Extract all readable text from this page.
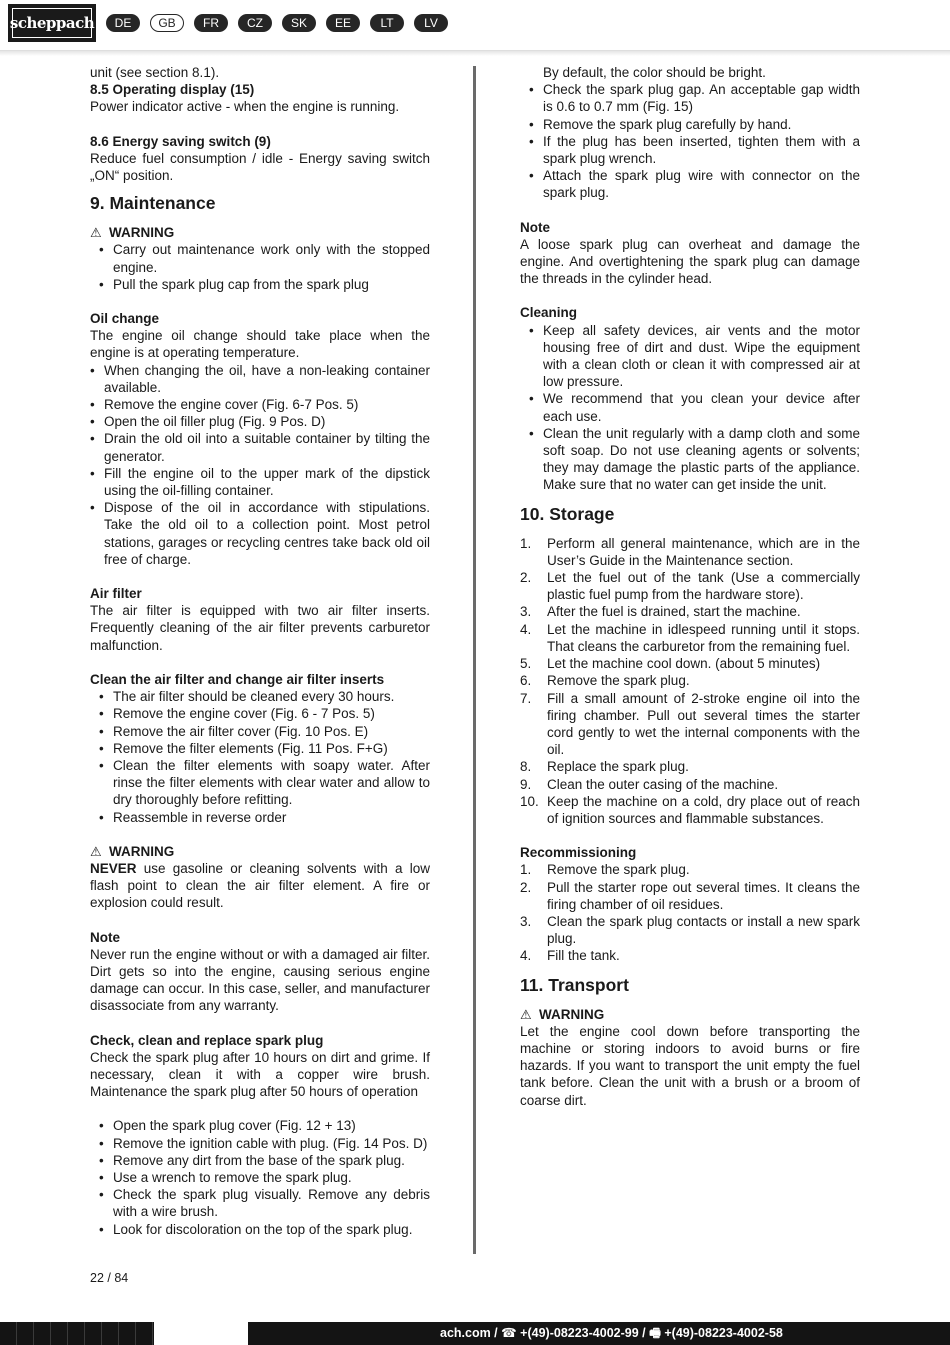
scheppach	DE	GB	FR	CZ	SK	EE	LT	LV

unit (see section 8.1).

8.5 Operating display (15)

Power indicator active - when the engine is running.

8.6 Energy saving switch (9)

Reduce fuel consumption / idle - Energy saving switch „ON“ position.

9. Maintenance
⚠ WARNING
• Carry out maintenance work only with the stopped engine.
• Pull the spark plug cap from the spark plug

Oil change

The engine oil change should take place when the engine is at operating temperature.

• When changing the oil, have a non-leaking container available.
• Remove the engine cover (Fig. 6-7 Pos. 5)
• Open the oil filler plug (Fig. 9 Pos. D)
• Drain the old oil into a suitable container by tilting the generator.
• Fill the engine oil to the upper mark of the dipstick using the oil-filling container.
• Dispose of the oil in accordance with stipulations. Take the old oil to a collection point. Most petrol stations, garages or recycling centres take back old oil free of charge.

Air filter

The air filter is equipped with two air filter inserts. Frequently cleaning of the air filter prevents carburetor malfunction.

Clean the air filter and change air filter inserts

• The air filter should be cleaned every 30 hours.
• Remove the engine cover (Fig. 6 - 7 Pos. 5)
• Remove the air filter cover (Fig. 10 Pos. E)
• Remove the filter elements (Fig. 11 Pos. F+G)
• Clean the filter elements with soapy water. After rinse the filter elements with clear water and allow to dry thoroughly before refitting.
• Reassemble in reverse order
⚠ WARNING

NEVER use gasoline or cleaning solvents with a low flash point to clean the air filter element. A fire or explosion could result.

Note

Never run the engine without or with a damaged air filter. Dirt gets so into the engine, causing serious engine damage can occur. In this case, seller, and manufacturer disassociate from any warranty.

Check, clean and replace spark plug

Check the spark plug after 10 hours on dirt and grime. If necessary, clean it with a copper wire brush. Maintenance the spark plug after 50 hours of operation

• Open the spark plug cover (Fig. 12 + 13)
• Remove the ignition cable with plug. (Fig. 14 Pos. D)
• Remove any dirt from the base of the spark plug.
• Use a wrench to remove the spark plug.
• Check the spark plug visually. Remove any debris with a wire brush.
• Look for discoloration on the top of the spark plug.

By default, the color should be bright.

• Check the spark plug gap. An acceptable gap width is 0.6 to 0.7 mm (Fig. 15)
• Remove the spark plug carefully by hand.
• If the plug has been inserted, tighten them with a spark plug wrench.
• Attach the spark plug wire with connector on the spark plug.

Note

A loose spark plug can overheat and damage the engine. And overtightening the spark plug can damage the threads in the cylinder head.

Cleaning

• Keep all safety devices, air vents and the motor housing free of dirt and dust. Wipe the equipment with a clean cloth or clean it with compressed air at low pressure.
• We recommend that you clean your device after each use.
• Clean the unit regularly with a damp cloth and some soft soap. Do not use cleaning agents or solvents; they may damage the plastic parts of the appliance. Make sure that no water can get inside the unit.
10. Storage
1. Perform all general maintenance, which are in the User’s Guide in the Maintenance section.
2. Let the fuel out of the tank (Use a commercially plastic fuel pump from the hardware store).
3. After the fuel is drained, start the machine.
4. Let the machine in idlespeed running until it stops. That cleans the carburetor from the remaining fuel.
5. Let the machine cool down. (about 5 minutes)
6. Remove the spark plug.
7. Fill a small amount of 2-stroke engine oil into the firing chamber. Pull out several times the starter cord gently to wet the internal components with the oil.
8. Replace the spark plug.
9. Clean the outer casing of the machine.
10. Keep the machine on a cold, dry place out of reach of ignition sources and flammable substances.

Recommissioning

1. Remove the spark plug.
2. Pull the starter rope out several times. It cleans the firing chamber of oil residues.
3. Clean the spark plug contacts or install a new spark plug.
4. Fill the tank.
11. Transport
⚠ WARNING

Let the engine cool down before transporting the machine or storing indoors to avoid burns or fire hazards. If you want to transport the unit empty the fuel tank before. Clean the unit with a brush or a broom of coarse dirt.

22 / 84
ach.com / ☎ +(49)-08223-4002-99 / 🖷 +(49)-08223-4002-58
